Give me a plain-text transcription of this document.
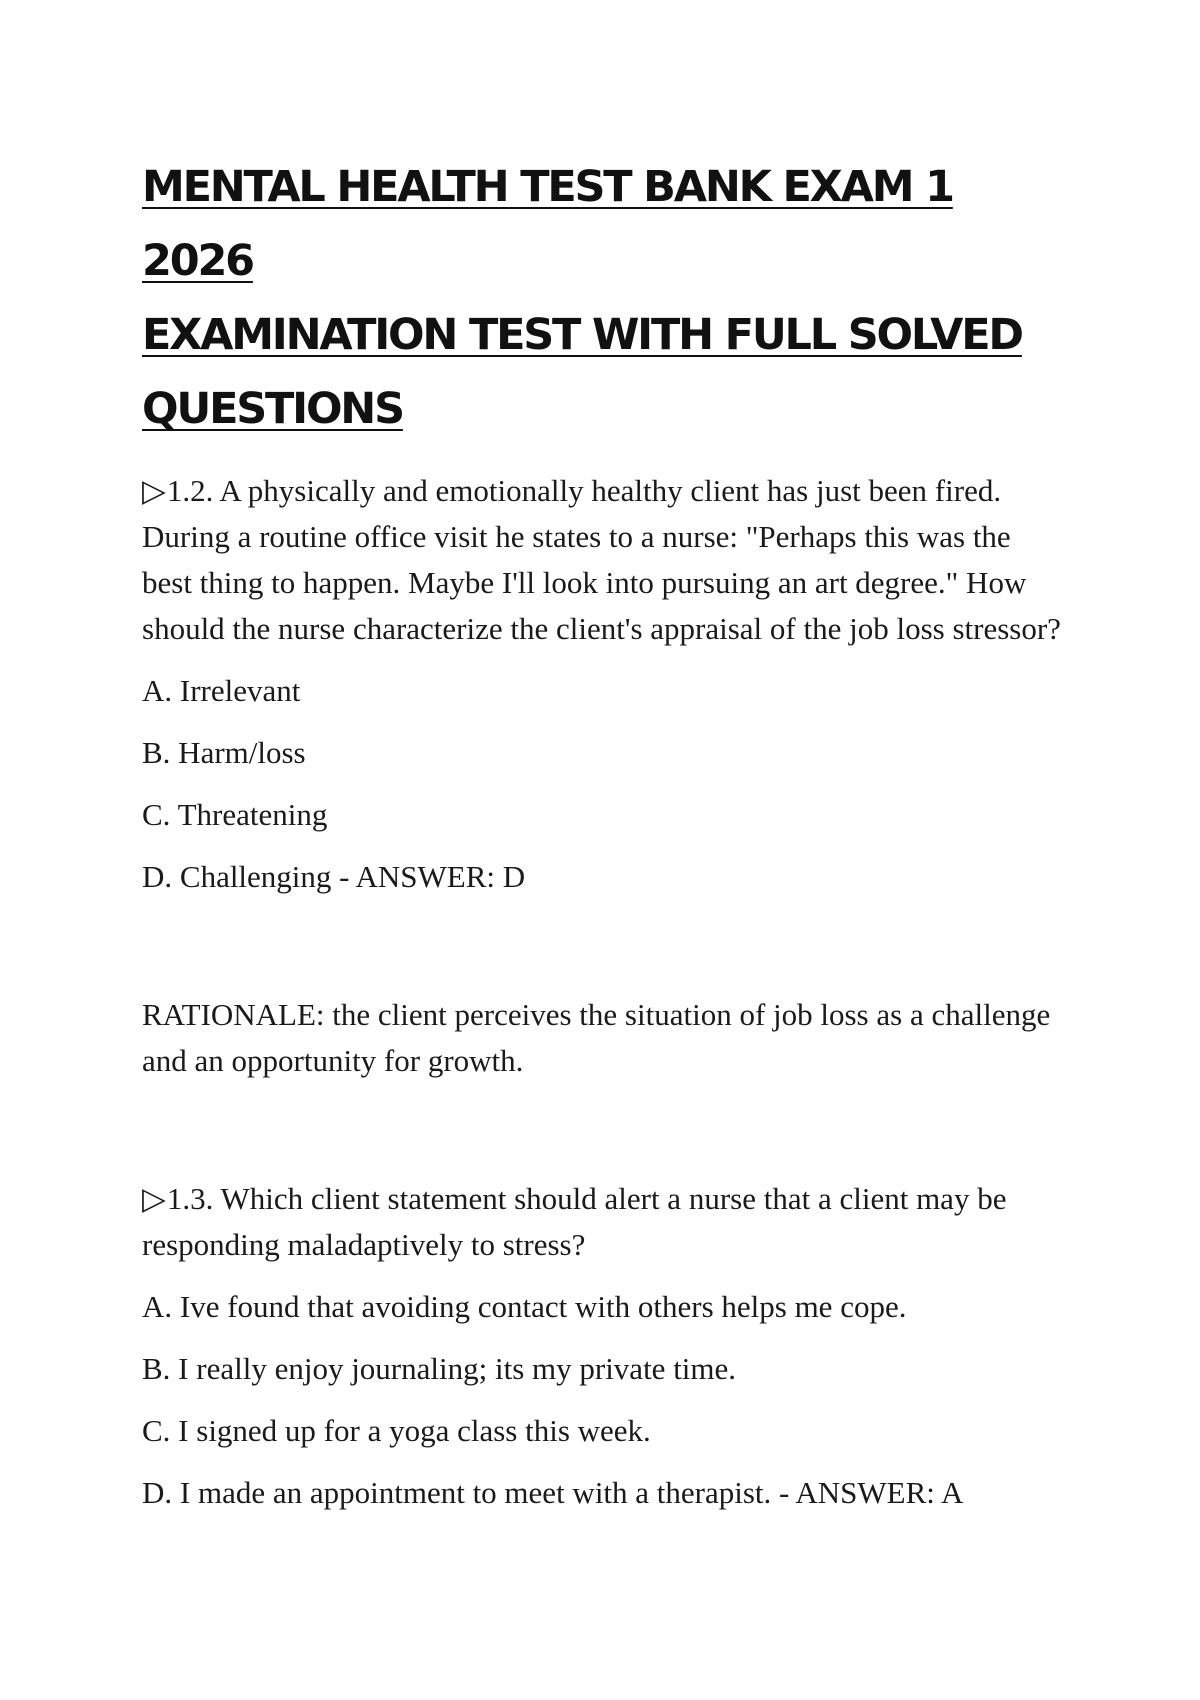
MENTAL HEALTH TEST BANK EXAM 1 2026
EXAMINATION TEST WITH FULL SOLVED
QUESTIONS

▷1.2. A physically and emotionally healthy client has just been fired. During a routine office visit he states to a nurse: "Perhaps this was the best thing to happen. Maybe I'll look into pursuing an art degree." How should the nurse characterize the client's appraisal of the job loss stressor?

A. Irrelevant

B. Harm/loss

C. Threatening

D. Challenging - ANSWER: D

RATIONALE: the client perceives the situation of job loss as a challenge and an opportunity for growth.

▷1.3. Which client statement should alert a nurse that a client may be responding maladaptively to stress?

A. Ive found that avoiding contact with others helps me cope.

B. I really enjoy journaling; its my private time.

C. I signed up for a yoga class this week.

D. I made an appointment to meet with a therapist. - ANSWER: A
